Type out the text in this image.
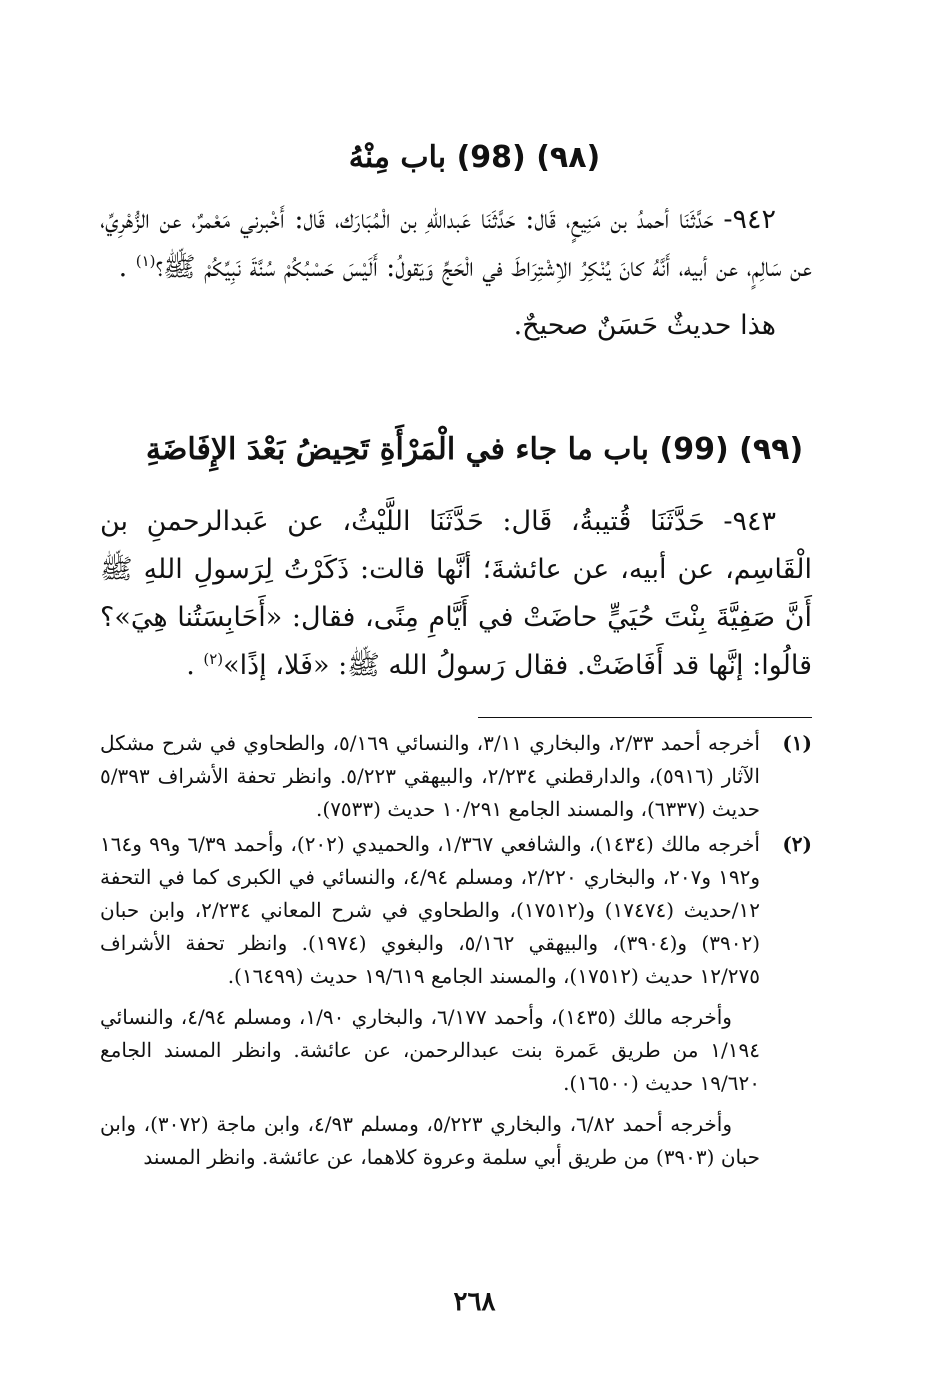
(٩٨) (98) باب مِنْهُ

٩٤٢- حَدَّثَنَا أحمدُ بن مَنِيعٍ، قَال: حَدَّثَنَا عَبداللهِ بن الْمُبَارَك، قَال: أَخْبرني مَعْمرٌ، عن الزُّهْرِيِّ، عن سَالِمٍ، عن أبيه، أَنَّهُ كانَ يُنْكِرُ الاِشْتِرَاطَ في الْحَجِّ وَيَقولُ: أَلَيْسَ حَسْبُكُمْ سُنَّةَ نَبِيِّكُمْ ﷺ؟$^{(١)}$ .

هذا حديثٌ حَسَنٌ صحيحٌ.

(٩٩) (99) باب ما جاء في الْمَرْأَةِ تَحِيضُ بَعْدَ الإِفَاضَةِ

٩٤٣- حَدَّثَنَا قُتيبةُ، قَال: حَدَّثَنَا اللَّيْثُ، عن عَبدالرحمنِ بن الْقَاسِم، عن أبيه، عن عائشةَ؛ أنَّها قالت: ذَكَرْتُ لِرَسولِ اللهِ ﷺ أَنَّ صَفِيَّةَ بِنْتَ حُيَيٍّ حاضَتْ في أَيَّامِ مِنًى، فقال: «أَحَابِسَتُنا هِيَ»؟ قالُوا: إنَّها قد أَفَاضَتْ. فقال رَسولُ الله ﷺ: «فَلا، إذًا»$^{(٢)}$ .

(١)
أخرجه أحمد ٢/٣٣، والبخاري ٣/١١، والنسائي ٥/١٦٩، والطحاوي في شرح مشكل الآثار (٥٩١٦)، والدارقطني ٢/٢٣٤، والبيهقي ٥/٢٢٣. وانظر تحفة الأشراف ٥/٣٩٣ حديث (٦٣٣٧)، والمسند الجامع ١٠/٢٩١ حديث (٧٥٣٣).
(٢)
أخرجه مالك (١٤٣٤)، والشافعي ١/٣٦٧، والحميدي (٢٠٢)، وأحمد ٦/٣٩ و٩٩ و١٦٤ و١٩٢ و٢٠٧، والبخاري ٢/٢٢٠، ومسلم ٤/٩٤، والنسائي في الكبرى كما في التحفة ١٢/حديث (١٧٤٧٤) و(١٧٥١٢)، والطحاوي في شرح المعاني ٢/٢٣٤، وابن حبان (٣٩٠٢) و(٣٩٠٤)، والبيهقي ٥/١٦٢، والبغوي (١٩٧٤). وانظر تحفة الأشراف ١٢/٢٧٥ حديث (١٧٥١٢)، والمسند الجامع ١٩/٦١٩ حديث (١٦٤٩٩).
وأخرجه مالك (١٤٣٥)، وأحمد ٦/١٧٧، والبخاري ١/٩٠، ومسلم ٤/٩٤، والنسائي ١/١٩٤ من طريق عَمرة بنت عبدالرحمن، عن عائشة. وانظر المسند الجامع ١٩/٦٢٠ حديث (١٦٥٠٠).
وأخرجه أحمد ٦/٨٢، والبخاري ٥/٢٢٣، ومسلم ٤/٩٣، وابن ماجة (٣٠٧٢)، وابن حبان (٣٩٠٣) من طريق أبي سلمة وعروة كلاهما، عن عائشة. وانظر المسند
٢٦٨
